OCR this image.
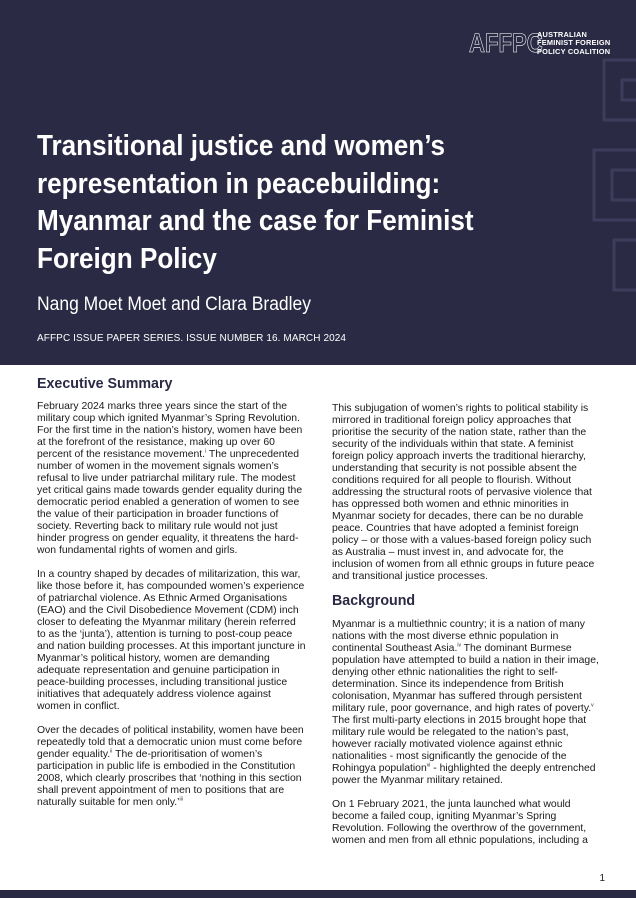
AFFPC
AUSTRALIAN
FEMINIST FOREIGN
POLICY COALITION
Transitional justice and women’s representation in peacebuilding: Myanmar and the case for Feminist Foreign Policy
Nang Moet Moet and Clara Bradley
AFFPC ISSUE PAPER SERIES. ISSUE NUMBER 16. MARCH 2024
Executive Summary

February 2024 marks three years since the start of the military coup which ignited Myanmar’s Spring Revolution. For the first time in the nation’s history, women have been at the forefront of the resistance, making up over 60 percent of the resistance movement.$^i$ The unprecedented number of women in the movement signals women’s refusal to live under patriarchal military rule. The modest yet critical gains made towards gender equality during the democratic period enabled a generation of women to see the value of their participation in broader functions of society. Reverting back to military rule would not just hinder progress on gender equality, it threatens the hard-won fundamental rights of women and girls.

In a country shaped by decades of militarization, this war, like those before it, has compounded women’s experience of patriarchal violence. As Ethnic Armed Organisations (EAO) and the Civil Disobedience Movement (CDM) inch closer to defeating the Myanmar military (herein referred to as the ‘junta’), attention is turning to post-coup peace and nation building processes. At this important juncture in Myanmar’s political history, women are demanding adequate representation and genuine participation in peace-building processes, including transitional justice initiatives that adequately address violence against women in conflict.

Over the decades of political instability, women have been repeatedly told that a democratic union must come before gender equality.$^{ii}$ The de-prioritisation of women’s participation in public life is embodied in the Constitution 2008, which clearly proscribes that ‘nothing in this section shall prevent appointment of men to positions that are naturally suitable for men only.’$^{iii}$

This subjugation of women’s rights to political stability is mirrored in traditional foreign policy approaches that prioritise the security of the nation state, rather than the security of the individuals within that state. A feminist foreign policy approach inverts the traditional hierarchy, understanding that security is not possible absent the conditions required for all people to flourish. Without addressing the structural roots of pervasive violence that has oppressed both women and ethnic minorities in Myanmar society for decades, there can be no durable peace. Countries that have adopted a feminist foreign policy – or those with a values-based foreign policy such as Australia – must invest in, and advocate for, the inclusion of women from all ethnic groups in future peace and transitional justice processes.

Background

Myanmar is a multiethnic country; it is a nation of many nations with the most diverse ethnic population in continental Southeast Asia.$^{iv}$ The dominant Burmese population have attempted to build a nation in their image, denying other ethnic nationalities the right to self-determination. Since its independence from British colonisation, Myanmar has suffered through persistent military rule, poor governance, and high rates of poverty.$^v$ The first multi-party elections in 2015 brought hope that military rule would be relegated to the nation’s past, however racially motivated violence against ethnic nationalities - most significantly the genocide of the Rohingya population$^{vi}$ - highlighted the deeply entrenched power the Myanmar military retained.

On 1 February 2021, the junta launched what would become a failed coup, igniting Myanmar’s Spring Revolution. Following the overthrow of the government, women and men from all ethnic populations, including a

1
